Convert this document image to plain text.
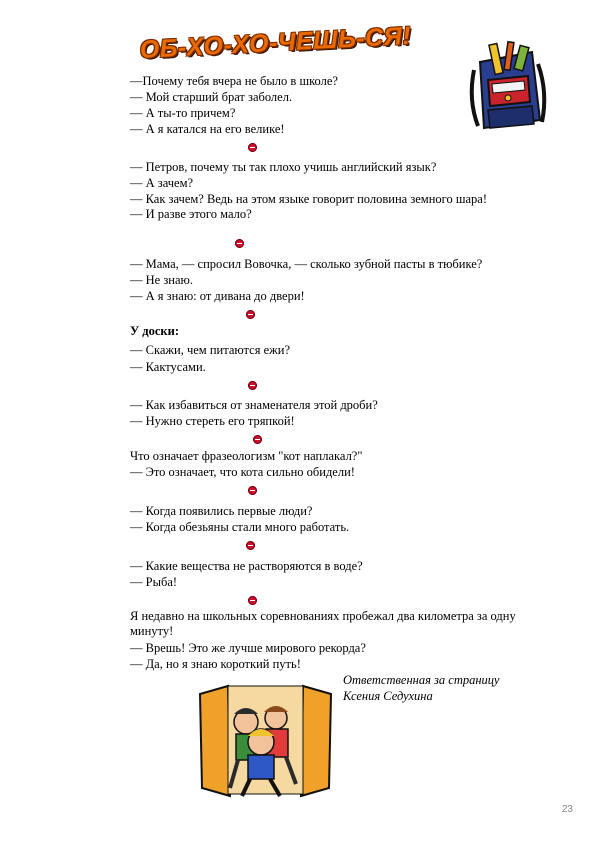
ОБ-ХО-ХО-ЧЕШЬ-СЯ!
—Почему тебя вчера не было в школе?
— Мой старший брат заболел.
— А ты-то причем?
— А я катался на его велике!
— Петров, почему ты так плохо учишь английский язык?
— А зачем?
— Как зачем? Ведь на этом языке говорит половина земного шара!
— И разве этого мало?
— Мама, — спросил Вовочка, — сколько зубной пасты в тюбике?
— Не знаю.
— А я знаю: от дивана до двери!
У доски:
— Скажи, чем питаются ежи?
— Кактусами.
— Как избавиться от знаменателя этой дроби?
— Нужно стереть его тряпкой!
Что означает фразеологизм "кот наплакал?"
— Это означает, что кота сильно обидели!
— Когда появились первые люди?
— Когда обезьяны стали много работать.
— Какие вещества не растворяются в воде?
— Рыба!
Я недавно на школьных соревнованиях пробежал два километра за одну минуту!
— Врешь! Это же лучше мирового рекорда?
— Да, но я знаю короткий путь!
Ответственная за страницу
Ксения Седухина
23
